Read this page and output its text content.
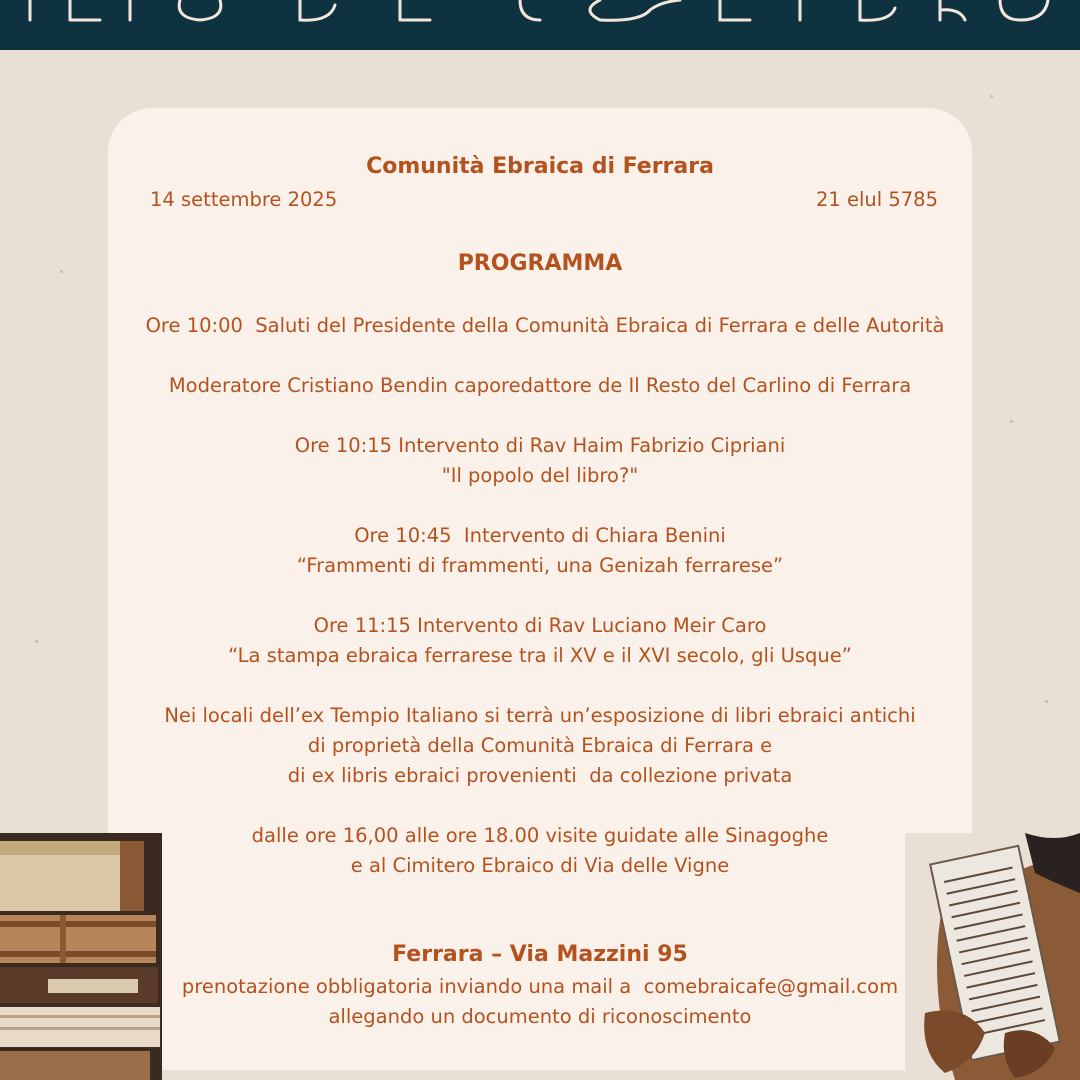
Comunità Ebraica di Ferrara
14 settembre 2025	21 elul 5785
PROGRAMMA
Ore 10:00  Saluti del Presidente della Comunità Ebraica di Ferrara e delle Autorità
Moderatore Cristiano Bendin caporedattore de Il Resto del Carlino di Ferrara
Ore 10:15 Intervento di Rav Haim Fabrizio Cipriani
"Il popolo del libro?"
Ore 10:45  Intervento di Chiara Benini
“Frammenti di frammenti, una Genizah ferrarese”
Ore 11:15 Intervento di Rav Luciano Meir Caro
“La stampa ebraica ferrarese tra il XV e il XVI secolo, gli Usque”
Nei locali dell’ex Tempio Italiano si terrà un’esposizione di libri ebraici antichi
di proprietà della Comunità Ebraica di Ferrara e
di ex libris ebraici provenienti  da collezione privata
dalle ore 16,00 alle ore 18.00 visite guidate alle Sinagoghe
e al Cimitero Ebraico di Via delle Vigne
Ferrara – Via Mazzini 95
prenotazione obbligatoria inviando una mail a  comebraicafe@gmail.com
allegando un documento di riconoscimento
